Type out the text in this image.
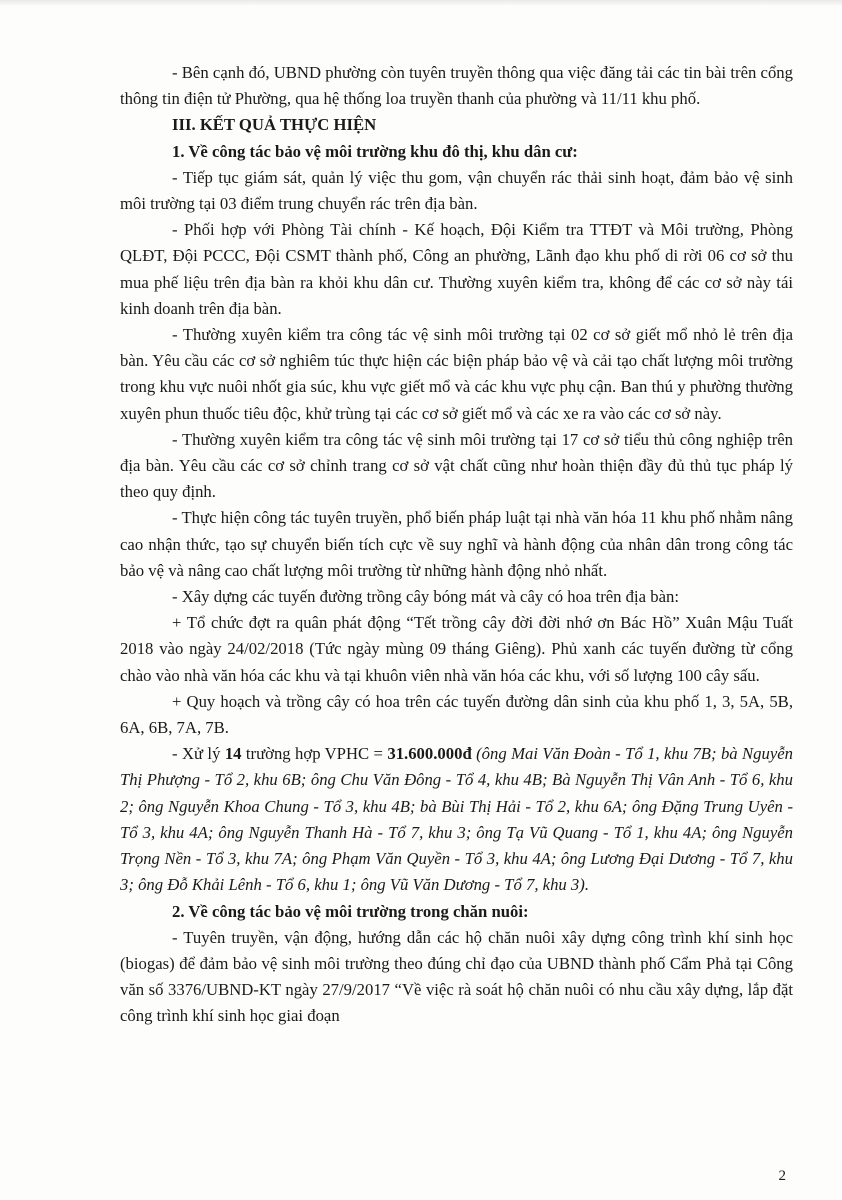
- Bên cạnh đó, UBND phường còn tuyên truyền thông qua việc đăng tải các tin bài trên cổng thông tin điện tử Phường, qua hệ thống loa truyền thanh của phường và 11/11 khu phố.

III. KẾT QUẢ THỰC HIỆN

1. Về công tác bảo vệ môi trường khu đô thị, khu dân cư:

- Tiếp tục giám sát, quản lý việc thu gom, vận chuyển rác thải sinh hoạt, đảm bảo vệ sinh môi trường tại 03 điểm trung chuyển rác trên địa bàn.

- Phối hợp với Phòng Tài chính - Kế hoạch, Đội Kiểm tra TTĐT và Môi trường, Phòng QLĐT, Đội PCCC, Đội CSMT thành phố, Công an phường, Lãnh đạo khu phố di rời 06 cơ sở thu mua phế liệu trên địa bàn ra khỏi khu dân cư. Thường xuyên kiểm tra, không để các cơ sở này tái kinh doanh trên địa bàn.

- Thường xuyên kiểm tra công tác vệ sinh môi trường tại 02 cơ sở giết mổ nhỏ lẻ trên địa bàn. Yêu cầu các cơ sở nghiêm túc thực hiện các biện pháp bảo vệ và cải tạo chất lượng môi trường trong khu vực nuôi nhốt gia súc, khu vực giết mổ và các khu vực phụ cận. Ban thú y phường thường xuyên phun thuốc tiêu độc, khử trùng tại các cơ sở giết mổ và các xe ra vào các cơ sở này.

- Thường xuyên kiểm tra công tác vệ sinh môi trường tại 17 cơ sở tiểu thủ công nghiệp trên địa bàn. Yêu cầu các cơ sở chỉnh trang cơ sở vật chất cũng như hoàn thiện đầy đủ thủ tục pháp lý theo quy định.

- Thực hiện công tác tuyên truyền, phổ biến pháp luật tại nhà văn hóa 11 khu phố nhằm nâng cao nhận thức, tạo sự chuyển biến tích cực về suy nghĩ và hành động của nhân dân trong công tác bảo vệ và nâng cao chất lượng môi trường từ những hành động nhỏ nhất.

- Xây dựng các tuyến đường trồng cây bóng mát và cây có hoa trên địa bàn:

+ Tổ chức đợt ra quân phát động “Tết trồng cây đời đời nhớ ơn Bác Hồ” Xuân Mậu Tuất 2018 vào ngày 24/02/2018 (Tức ngày mùng 09 tháng Giêng). Phủ xanh các tuyến đường từ cổng chào vào nhà văn hóa các khu và tại khuôn viên nhà văn hóa các khu, với số lượng 100 cây sấu.

+ Quy hoạch và trồng cây có hoa trên các tuyến đường dân sinh của khu phố 1, 3, 5A, 5B, 6A, 6B, 7A, 7B.

- Xử lý 14 trường hợp VPHC = 31.600.000đ (ông Mai Văn Đoàn - Tổ 1, khu 7B; bà Nguyễn Thị Phượng - Tổ 2, khu 6B; ông Chu Văn Đông - Tổ 4, khu 4B; Bà Nguyễn Thị Vân Anh - Tổ 6, khu 2; ông Nguyễn Khoa Chung - Tổ 3, khu 4B; bà Bùi Thị Hải - Tổ 2, khu 6A; ông Đặng Trung Uyên - Tổ 3, khu 4A; ông Nguyễn Thanh Hà - Tổ 7, khu 3; ông Tạ Vũ Quang - Tổ 1, khu 4A; ông Nguyễn Trọng Nền - Tổ 3, khu 7A; ông Phạm Văn Quyền - Tổ 3, khu 4A; ông Lương Đại Dương - Tổ 7, khu 3; ông Đỗ Khải Lênh - Tổ 6, khu 1; ông Vũ Văn Dương - Tổ 7, khu 3).

2. Về công tác bảo vệ môi trường trong chăn nuôi:

- Tuyên truyền, vận động, hướng dẫn các hộ chăn nuôi xây dựng công trình khí sinh học (biogas) để đảm bảo vệ sinh môi trường theo đúng chỉ đạo của UBND thành phố Cẩm Phả tại Công văn số 3376/UBND-KT ngày 27/9/2017 “Về việc rà soát hộ chăn nuôi có nhu cầu xây dựng, lắp đặt công trình khí sinh học giai đoạn

2
